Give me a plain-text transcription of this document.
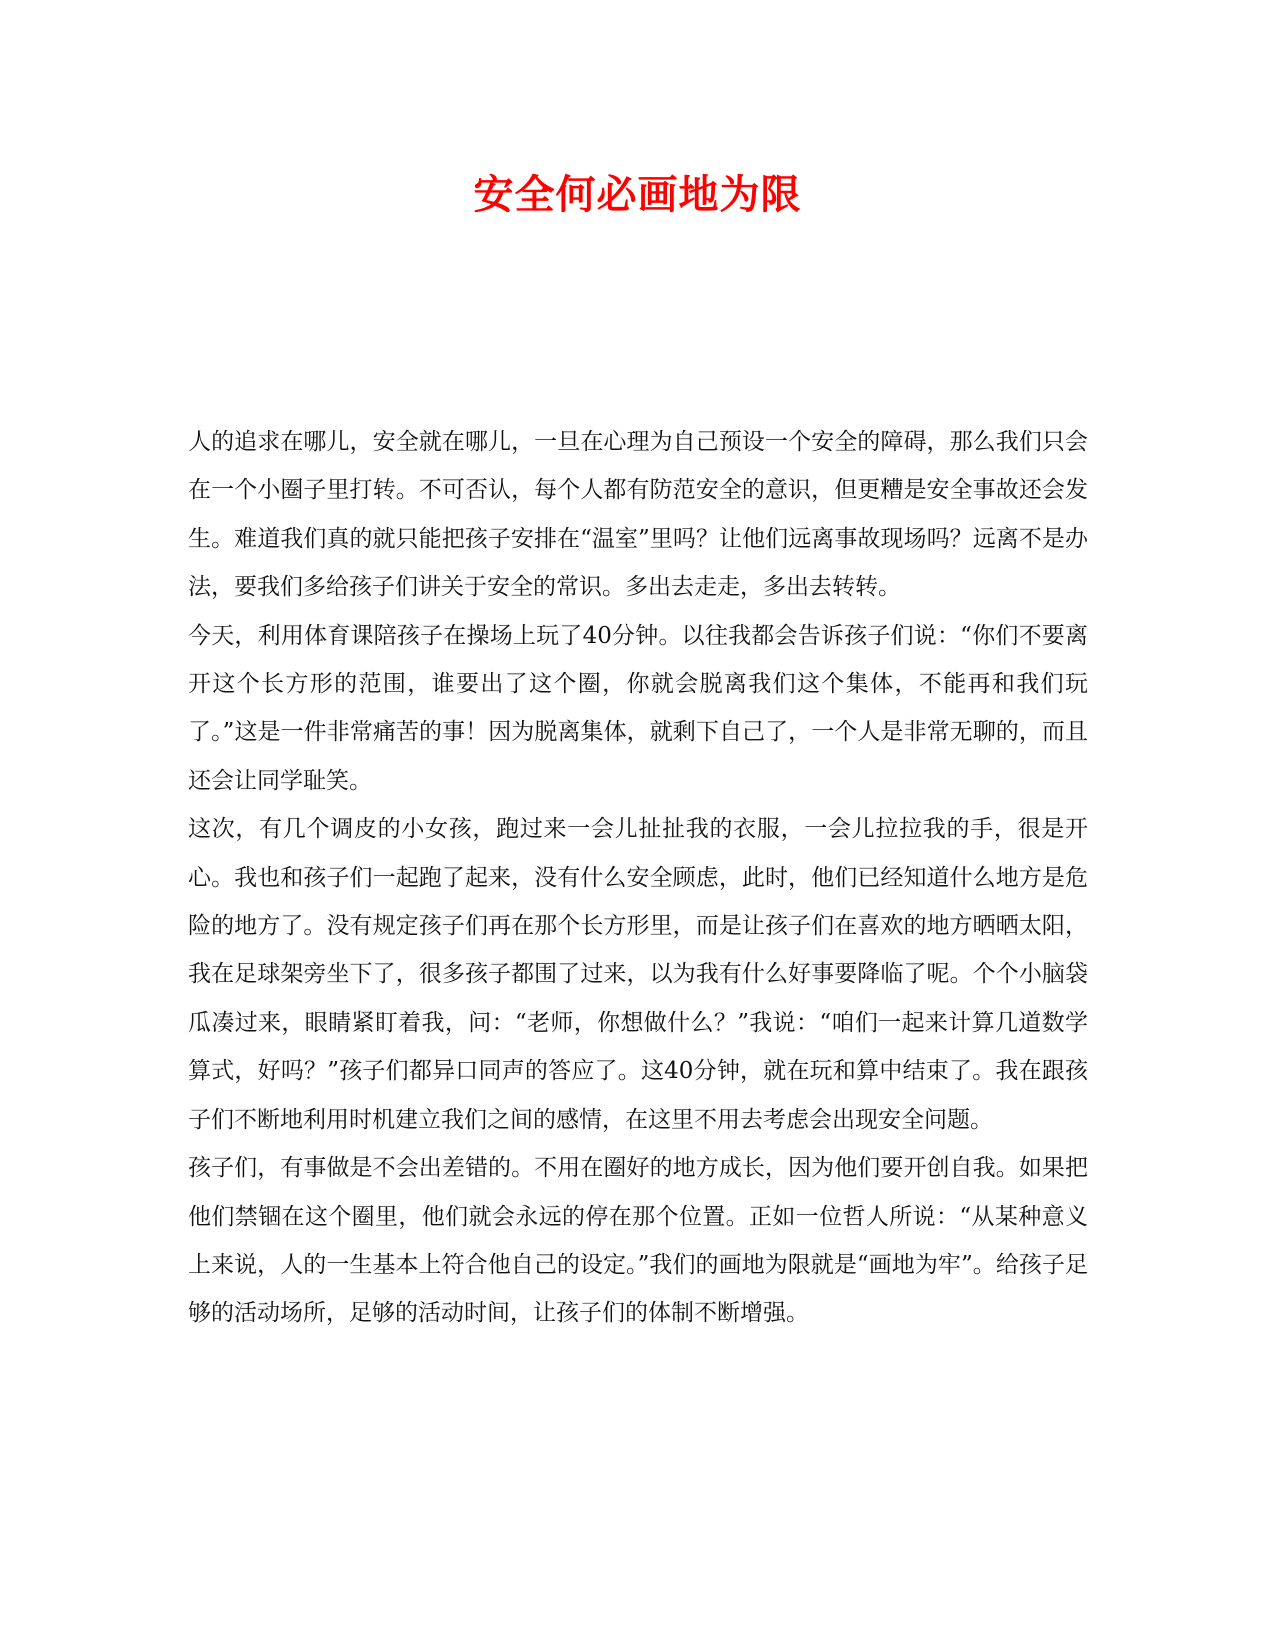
安全何必画地为限

人的追求在哪儿，安全就在哪儿，一旦在心理为自己预设一个安全的障碍，那么我们只会在一个小圈子里打转。不可否认，每个人都有防范安全的意识，但更糟是安全事故还会发生。难道我们真的就只能把孩子安排在“温室”里吗？让他们远离事故现场吗？远离不是办法，要我们多给孩子们讲关于安全的常识。多出去走走，多出去转转。

今天，利用体育课陪孩子在操场上玩了40分钟。以往我都会告诉孩子们说：“你们不要离开这个长方形的范围，谁要出了这个圈，你就会脱离我们这个集体，不能再和我们玩了。”这是一件非常痛苦的事！因为脱离集体，就剩下自己了，一个人是非常无聊的，而且还会让同学耻笑。

这次，有几个调皮的小女孩，跑过来一会儿扯扯我的衣服，一会儿拉拉我的手，很是开心。我也和孩子们一起跑了起来，没有什么安全顾虑，此时，他们已经知道什么地方是危险的地方了。没有规定孩子们再在那个长方形里，而是让孩子们在喜欢的地方晒晒太阳，我在足球架旁坐下了，很多孩子都围了过来，以为我有什么好事要降临了呢。个个小脑袋瓜凑过来，眼睛紧盯着我，问：“老师，你想做什么？”我说：“咱们一起来计算几道数学算式，好吗？”孩子们都异口同声的答应了。这40分钟，就在玩和算中结束了。我在跟孩子们不断地利用时机建立我们之间的感情，在这里不用去考虑会出现安全问题。

孩子们，有事做是不会出差错的。不用在圈好的地方成长，因为他们要开创自我。如果把他们禁锢在这个圈里，他们就会永远的停在那个位置。正如一位哲人所说：“从某种意义上来说，人的一生基本上符合他自己的设定。”我们的画地为限就是“画地为牢”。给孩子足够的活动场所，足够的活动时间，让孩子们的体制不断增强。
